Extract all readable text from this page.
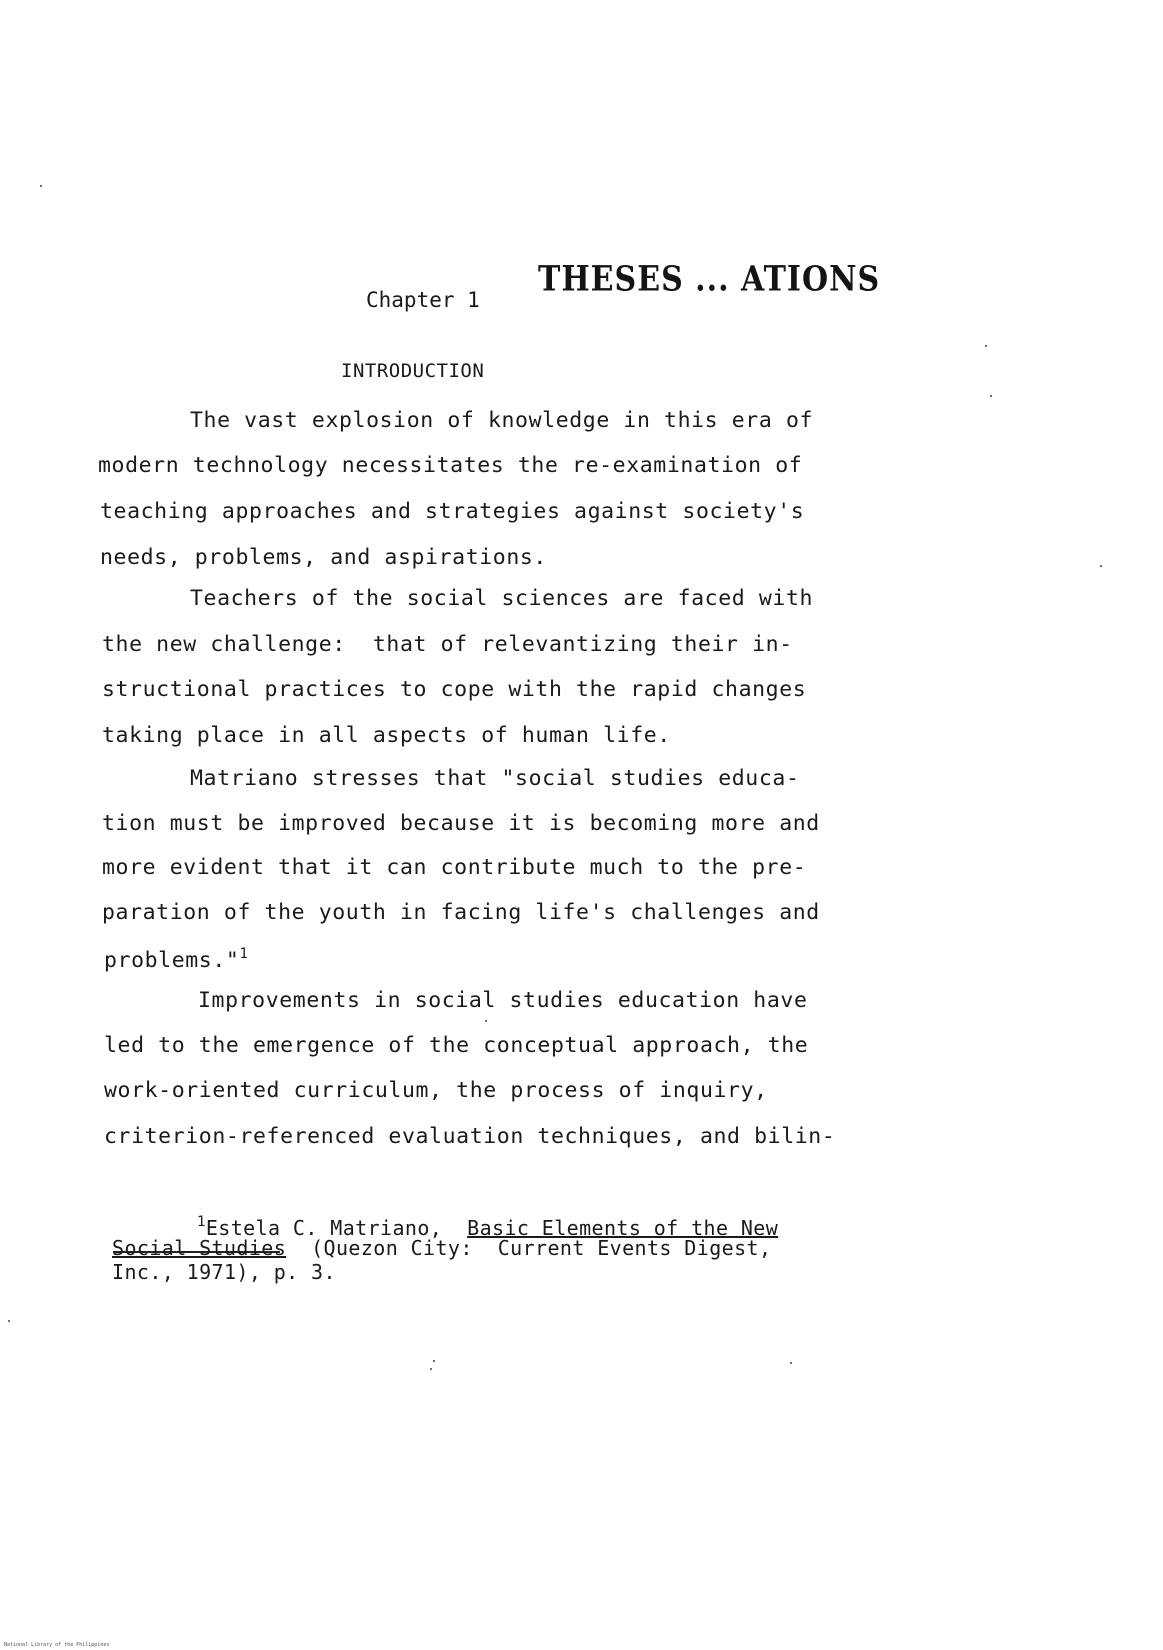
THESES ... ATIONS
Chapter 1
INTRODUCTION
The vast explosion of knowledge in this era of
modern technology necessitates the re-examination of
teaching approaches and strategies against society's
needs, problems, and aspirations.
Teachers of the social sciences are faced with
the new challenge:  that of relevantizing their in-
structional practices to cope with the rapid changes
taking place in all aspects of human life.
Matriano stresses that "social studies educa-
tion must be improved because it is becoming more and
more evident that it can contribute much to the pre-
paration of the youth in facing life's challenges and
problems."$^1$
Improvements in social studies education have
led to the emergence of the conceptual approach, the
work-oriented curriculum, the process of inquiry,
criterion-referenced evaluation techniques, and bilin-
$^1$Estela C. Matriano, Basic Elements of the New
Social Studies (Quezon City:  Current Events Digest,
Inc., 1971), p. 3.
National Library of the Philippines
